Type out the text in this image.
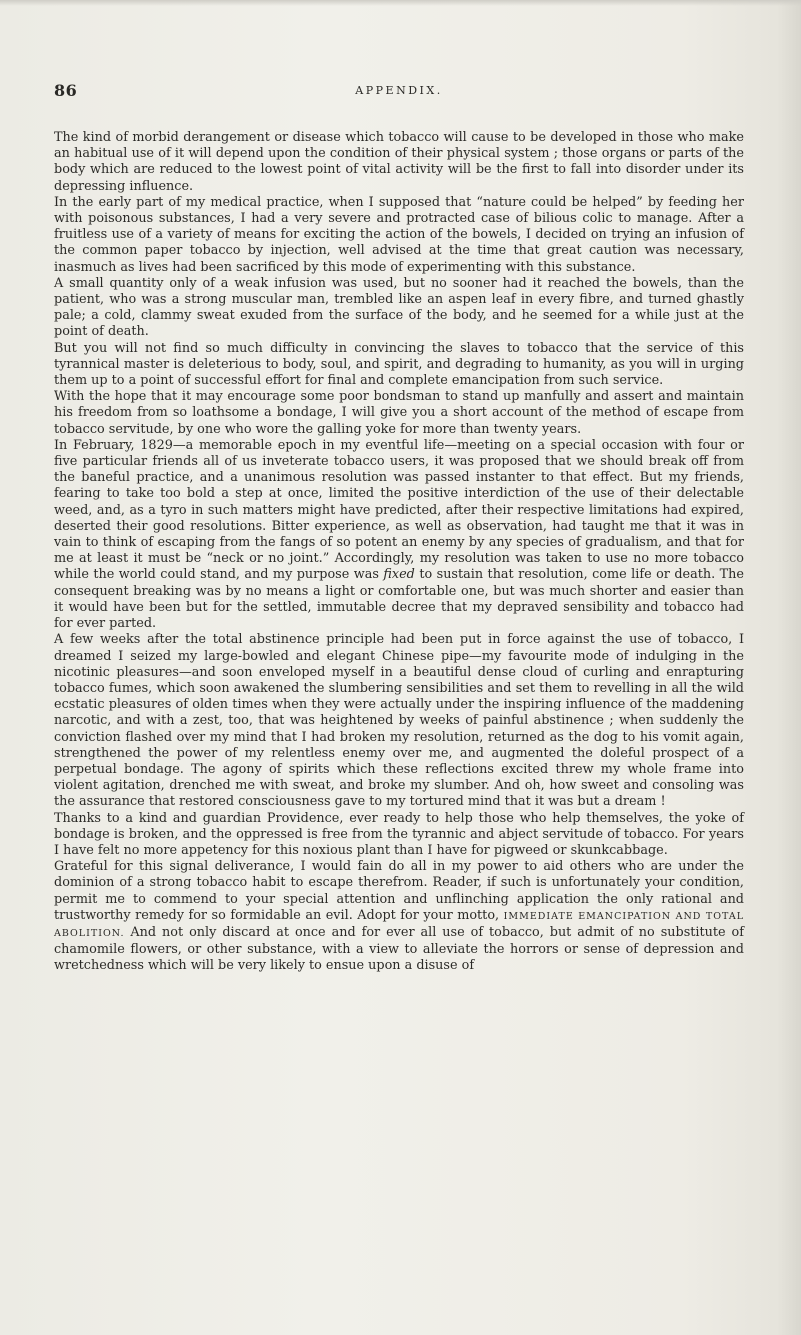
86	APPENDIX.

The kind of morbid derangement or disease which tobacco will cause to be developed in those who make an habitual use of it will depend upon the condition of their physical system ; those organs or parts of the body which are reduced to the lowest point of vital activity will be the first to fall into disorder under its depressing influence.

In the early part of my medical practice, when I supposed that “nature could be helped” by feeding her with poisonous substances, I had a very severe and protracted case of bilious colic to manage. After a fruitless use of a variety of means for exciting the action of the bowels, I decided on trying an infusion of the common paper tobacco by injection, well advised at the time that great caution was necessary, inasmuch as lives had been sacrificed by this mode of experimenting with this substance.

A small quantity only of a weak infusion was used, but no sooner had it reached the bowels, than the patient, who was a strong muscular man, trembled like an aspen leaf in every fibre, and turned ghastly pale; a cold, clammy sweat exuded from the surface of the body, and he seemed for a while just at the point of death.

But you will not find so much difficulty in convincing the slaves to tobacco that the service of this tyrannical master is deleterious to body, soul, and spirit, and degrading to humanity, as you will in urging them up to a point of successful effort for final and complete emancipation from such service.

With the hope that it may encourage some poor bondsman to stand up manfully and assert and maintain his freedom from so loathsome a bondage, I will give you a short account of the method of escape from tobacco servitude, by one who wore the galling yoke for more than twenty years.

In February, 1829—a memorable epoch in my eventful life—meeting on a special occasion with four or five particular friends all of us inveterate tobacco users, it was proposed that we should break off from the baneful practice, and a unanimous resolution was passed instanter to that effect. But my friends, fearing to take too bold a step at once, limited the positive interdiction of the use of their delectable weed, and, as a tyro in such matters might have predicted, after their respective limitations had expired, deserted their good resolutions. Bitter experience, as well as observation, had taught me that it was in vain to think of escaping from the fangs of so potent an enemy by any species of gradualism, and that for me at least it must be “neck or no joint.” Accordingly, my resolution was taken to use no more tobacco while the world could stand, and my purpose was fixed to sustain that resolution, come life or death. The consequent breaking was by no means a light or comfortable one, but was much shorter and easier than it would have been but for the settled, immutable decree that my depraved sensibility and tobacco had for ever parted.

A few weeks after the total abstinence principle had been put in force against the use of tobacco, I dreamed I seized my large-bowled and elegant Chinese pipe—my favourite mode of indulging in the nicotinic pleasures—and soon enveloped myself in a beautiful dense cloud of curling and enrapturing tobacco fumes, which soon awakened the slumbering sensibilities and set them to revelling in all the wild ecstatic pleasures of olden times when they were actually under the inspiring influence of the maddening narcotic, and with a zest, too, that was heightened by weeks of painful abstinence ; when suddenly the conviction flashed over my mind that I had broken my resolution, returned as the dog to his vomit again, strengthened the power of my relentless enemy over me, and augmented the doleful prospect of a perpetual bondage. The agony of spirits which these reflections excited threw my whole frame into violent agitation, drenched me with sweat, and broke my slumber. And oh, how sweet and consoling was the assurance that restored consciousness gave to my tortured mind that it was but a dream !

Thanks to a kind and guardian Providence, ever ready to help those who help themselves, the yoke of bondage is broken, and the oppressed is free from the tyrannic and abject servitude of tobacco. For years I have felt no more appetency for this noxious plant than I have for pigweed or skunkcabbage.

Grateful for this signal deliverance, I would fain do all in my power to aid others who are under the dominion of a strong tobacco habit to escape therefrom. Reader, if such is unfortunately your condition, permit me to commend to your special attention and unflinching application the only rational and trustworthy remedy for so formidable an evil. Adopt for your motto, IMMEDIATE EMANCIPATION AND TOTAL ABOLITION. And not only discard at once and for ever all use of tobacco, but admit of no substitute of chamomile flowers, or other substance, with a view to alleviate the horrors or sense of depression and wretchedness which will be very likely to ensue upon a disuse of
